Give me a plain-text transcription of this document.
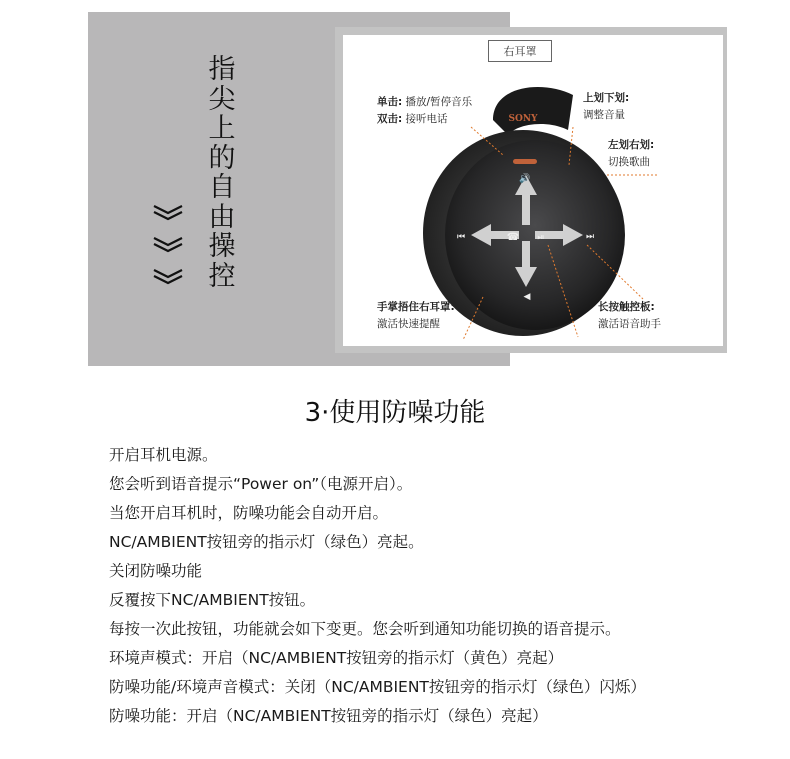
指
尖
上
的
自
由
操
控
右耳罩
🔊
◀
⏮	⏭
☎ ⏯
SONY
单击: 播放/暂停音乐
双击: 接听电话
上划下划:
调整音量
左划右划:
切换歌曲
手掌捂住右耳罩:
激活快速提醒
长按触控板:
激活语音助手
3·使用防噪功能
开启耳机电源。
您会听到语音提示“Power on”（电源开启）。
当您开启耳机时，防噪功能会自动开启。
NC/AMBIENT按钮旁的指示灯（绿色）亮起。
关闭防噪功能
反覆按下NC/AMBIENT按钮。
每按一次此按钮，功能就会如下变更。您会听到通知功能切换的语音提示。
环境声模式：开启（NC/AMBIENT按钮旁的指示灯（黄色）亮起）
防噪功能/环境声音模式：关闭（NC/AMBIENT按钮旁的指示灯（绿色）闪烁）
防噪功能：开启（NC/AMBIENT按钮旁的指示灯（绿色）亮起）
